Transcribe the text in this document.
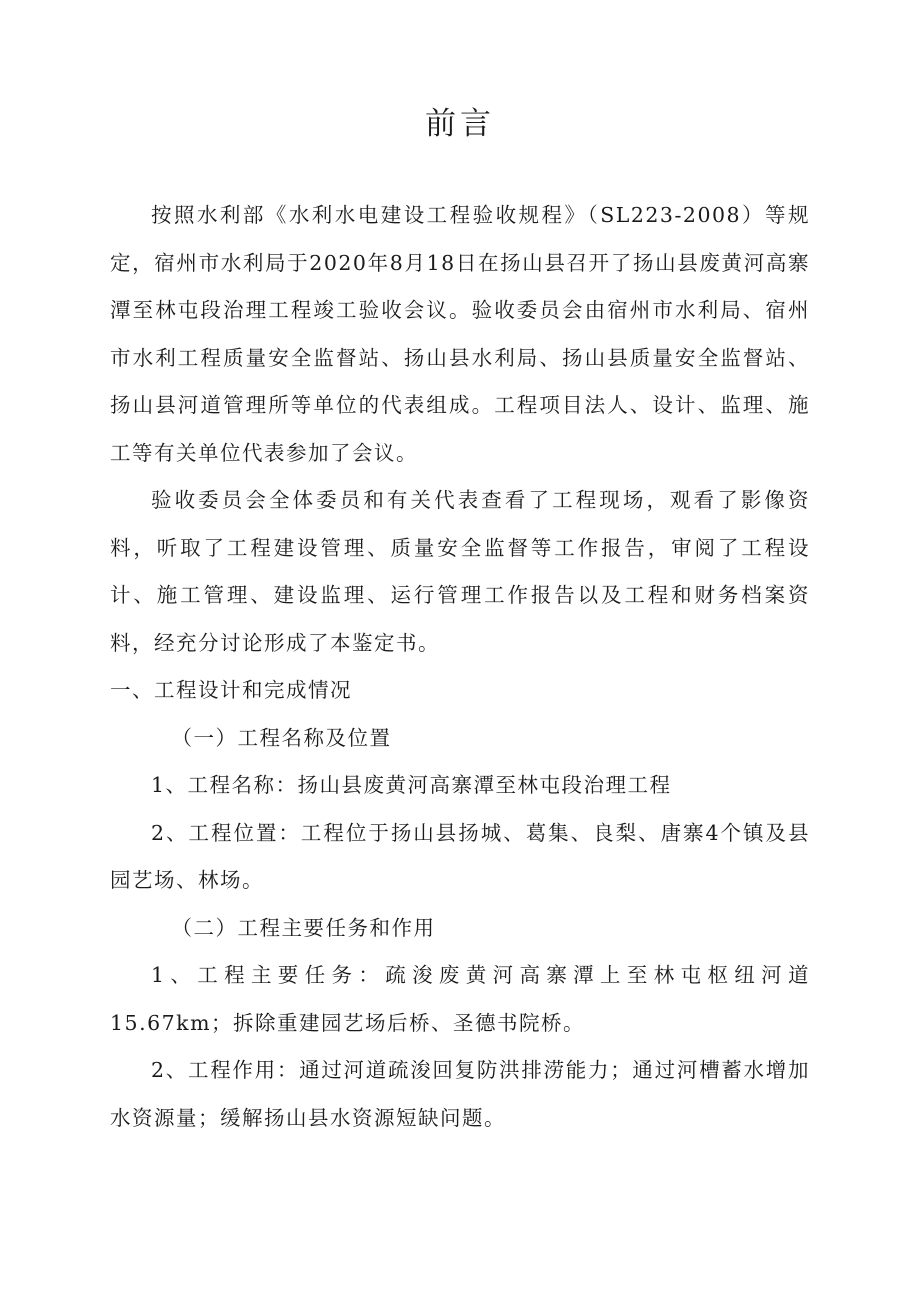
前言

按照水利部《水利水电建设工程验收规程》（SL223-2008）等规定，宿州市水利局于2020年8月18日在扬山县召开了扬山县废黄河高寨潭至林屯段治理工程竣工验收会议。验收委员会由宿州市水利局、宿州市水利工程质量安全监督站、扬山县水利局、扬山县质量安全监督站、扬山县河道管理所等单位的代表组成。工程项目法人、设计、监理、施工等有关单位代表参加了会议。

验收委员会全体委员和有关代表查看了工程现场，观看了影像资料，听取了工程建设管理、质量安全监督等工作报告，审阅了工程设计、施工管理、建设监理、运行管理工作报告以及工程和财务档案资料，经充分讨论形成了本鉴定书。

一、工程设计和完成情况

（一）工程名称及位置

1、工程名称：扬山县废黄河高寨潭至林屯段治理工程

2、工程位置：工程位于扬山县扬城、葛集、良梨、唐寨4个镇及县园艺场、林场。

（二）工程主要任务和作用

1、工程主要任务：疏浚废黄河高寨潭上至林屯枢纽河道15.67km；拆除重建园艺场后桥、圣德书院桥。

2、工程作用：通过河道疏浚回复防洪排涝能力；通过河槽蓄水增加水资源量；缓解扬山县水资源短缺问题。
